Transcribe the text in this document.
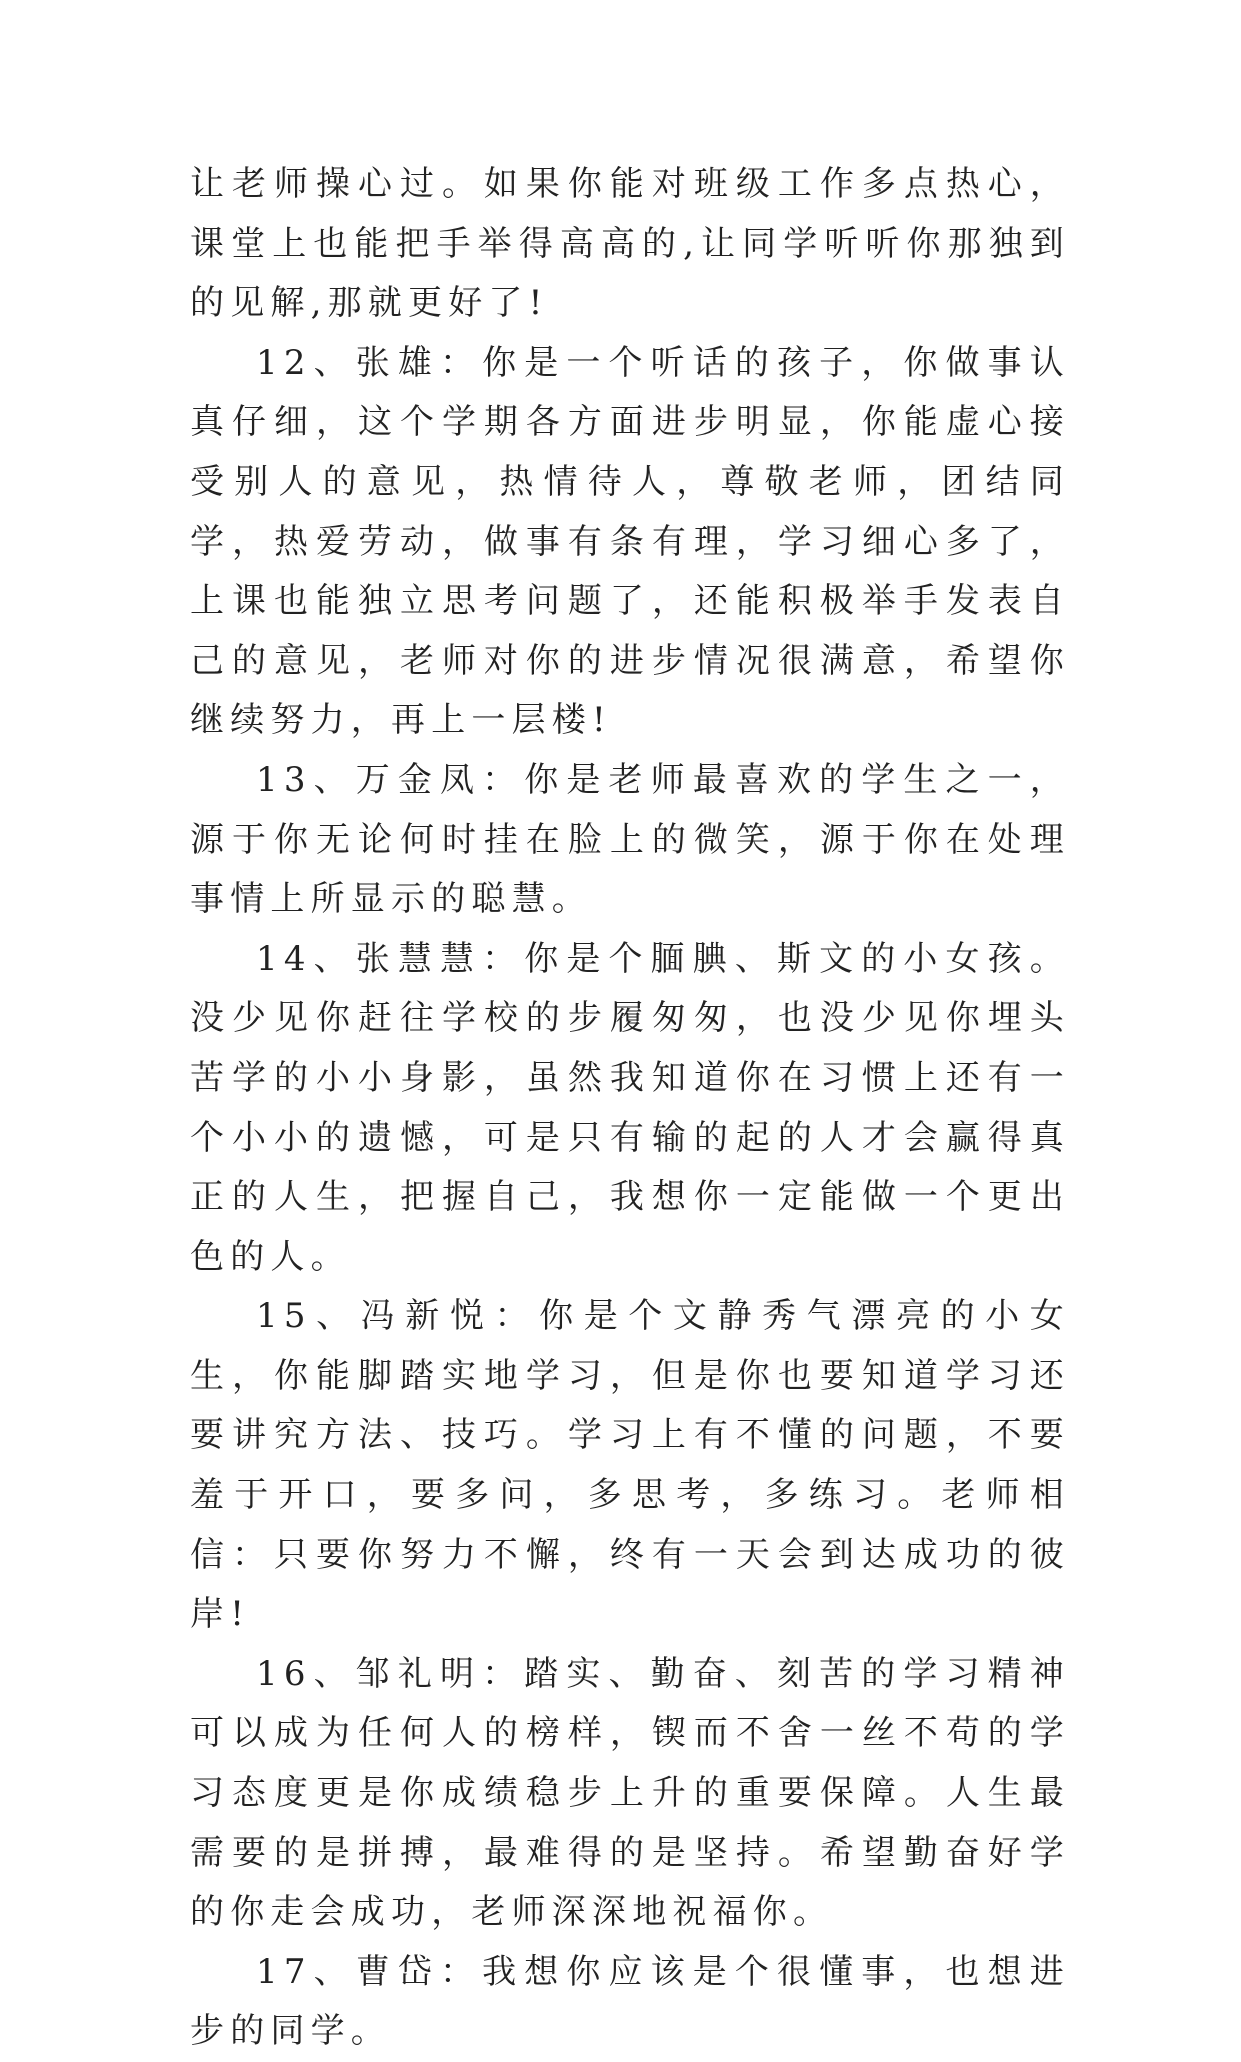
让老师操心过。如果你能对班级工作多点热心，课堂上也能把手举得高高的,让同学听听你那独到的见解,那就更好了!

12、张雄：你是一个听话的孩子，你做事认真仔细，这个学期各方面进步明显，你能虚心接受别人的意见，热情待人，尊敬老师，团结同学，热爱劳动，做事有条有理，学习细心多了，上课也能独立思考问题了，还能积极举手发表自己的意见，老师对你的进步情况很满意，希望你继续努力，再上一层楼!

13、万金凤：你是老师最喜欢的学生之一，源于你无论何时挂在脸上的微笑，源于你在处理事情上所显示的聪慧。

14、张慧慧：你是个腼腆、斯文的小女孩。没少见你赶往学校的步履匆匆，也没少见你埋头苦学的小小身影，虽然我知道你在习惯上还有一个小小的遗憾，可是只有输的起的人才会赢得真正的人生，把握自己，我想你一定能做一个更出色的人。

15、冯新悦：你是个文静秀气漂亮的小女生，你能脚踏实地学习，但是你也要知道学习还要讲究方法、技巧。学习上有不懂的问题，不要羞于开口，要多问，多思考，多练习。老师相信：只要你努力不懈，终有一天会到达成功的彼岸!

16、邹礼明：踏实、勤奋、刻苦的学习精神可以成为任何人的榜样，锲而不舍一丝不苟的学习态度更是你成绩稳步上升的重要保障。人生最需要的是拼搏，最难得的是坚持。希望勤奋好学的你走会成功，老师深深地祝福你。

17、曹岱：我想你应该是个很懂事，也想进步的同学。
